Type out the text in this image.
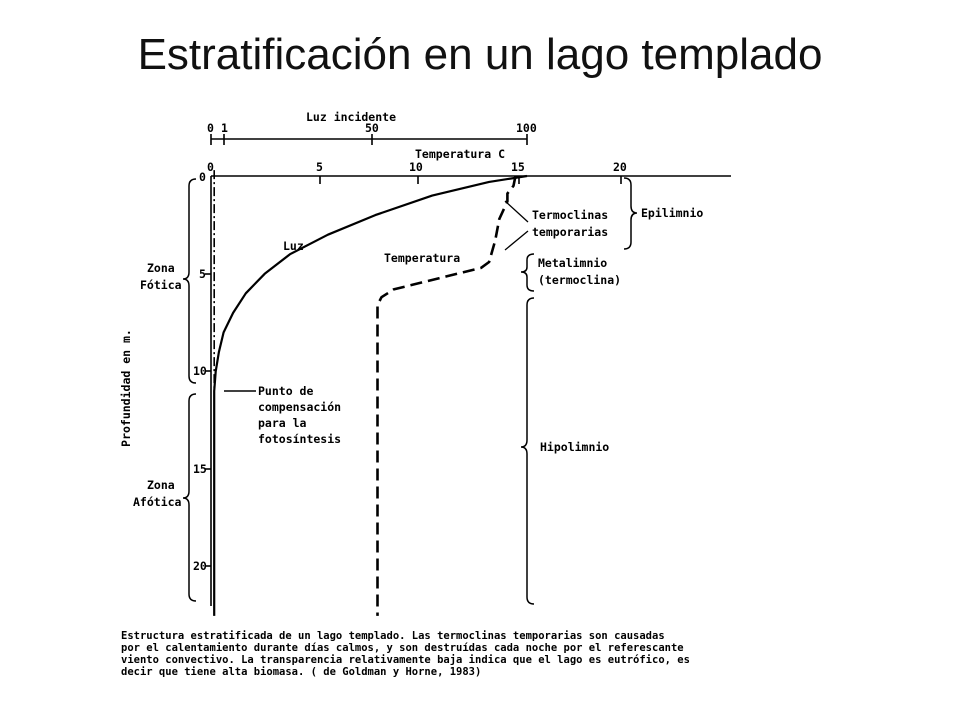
Estratificación en un lago templado
0 1	50	100
Luz incidente
0	5	10	15	20
Temperatura C
0
5
10
15
20
Profundidad en m.
Luz
Temperatura
Punto de
compensación
para la
fotosíntesis
Termoclinas
temporarias
Zona
Fótica
Zona
Afótica
Epilimnio
Metalimnio
(termoclina)
Hipolimnio
Estructura estratificada de un lago templado. Las termoclinas temporarias son causadas
por el calentamiento durante días calmos, y son destruídas cada noche por el referescante
viento convectivo. La transparencia relativamente baja indica que el lago es eutrófico, es
decir que tiene alta biomasa. ( de Goldman y Horne, 1983)
